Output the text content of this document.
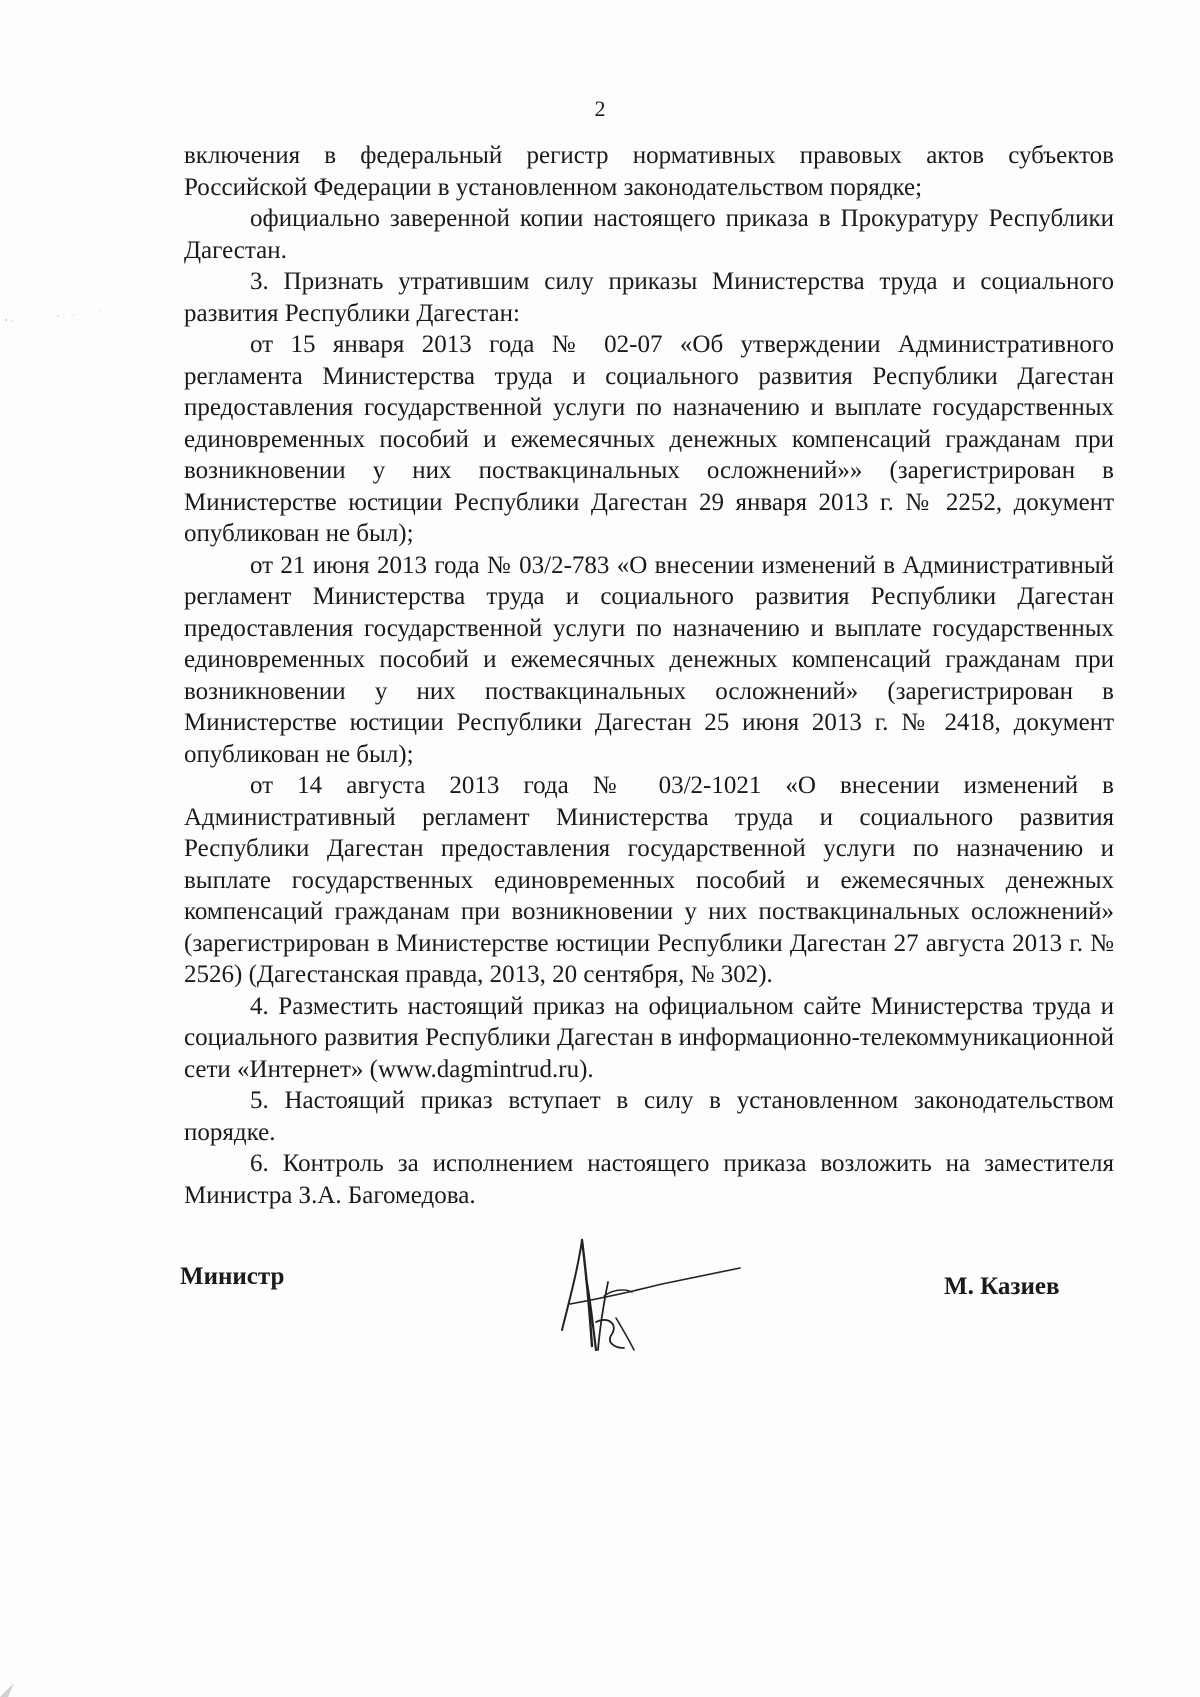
2

включения в федеральный регистр нормативных правовых актов субъектов Российской Федерации в установленном законодательством порядке;

официально заверенной копии настоящего приказа в Прокуратуру Республики Дагестан.

3. Признать утратившим силу приказы Министерства труда и социального развития Республики Дагестан:

от 15 января 2013 года № 02-07 «Об утверждении Административного регламента Министерства труда и социального развития Республики Дагестан предоставления государственной услуги по назначению и выплате государственных единовременных пособий и ежемесячных денежных компенсаций гражданам при возникновении у них поствакцинальных осложнений»» (зарегистрирован в Министерстве юстиции Республики Дагестан 29 января 2013 г. № 2252, документ опубликован не был);

от 21 июня 2013 года № 03/2-783 «О внесении изменений в Административный регламент Министерства труда и социального развития Республики Дагестан предоставления государственной услуги по назначению и выплате государственных единовременных пособий и ежемесячных денежных компенсаций гражданам при возникновении у них поствакцинальных осложнений» (зарегистрирован в Министерстве юстиции Республики Дагестан 25 июня 2013 г. № 2418, документ опубликован не был);

от 14 августа 2013 года № 03/2-1021 «О внесении изменений в Административный регламент Министерства труда и социального развития Республики Дагестан предоставления государственной услуги по назначению и выплате государственных единовременных пособий и ежемесячных денежных компенсаций гражданам при возникновении у них поствакцинальных осложнений» (зарегистрирован в Министерстве юстиции Республики Дагестан 27 августа 2013 г. № 2526) (Дагестанская правда, 2013, 20 сентября, № 302).

4. Разместить настоящий приказ на официальном сайте Министерства труда и социального развития Республики Дагестан в информационно-телекоммуникационной сети «Интернет» (www.dagmintrud.ru).

5. Настоящий приказ вступает в силу в установленном законодательством порядке.

6. Контроль за исполнением настоящего приказа возложить на заместителя Министра З.А. Багомедова.

Министр	М. Казиев
